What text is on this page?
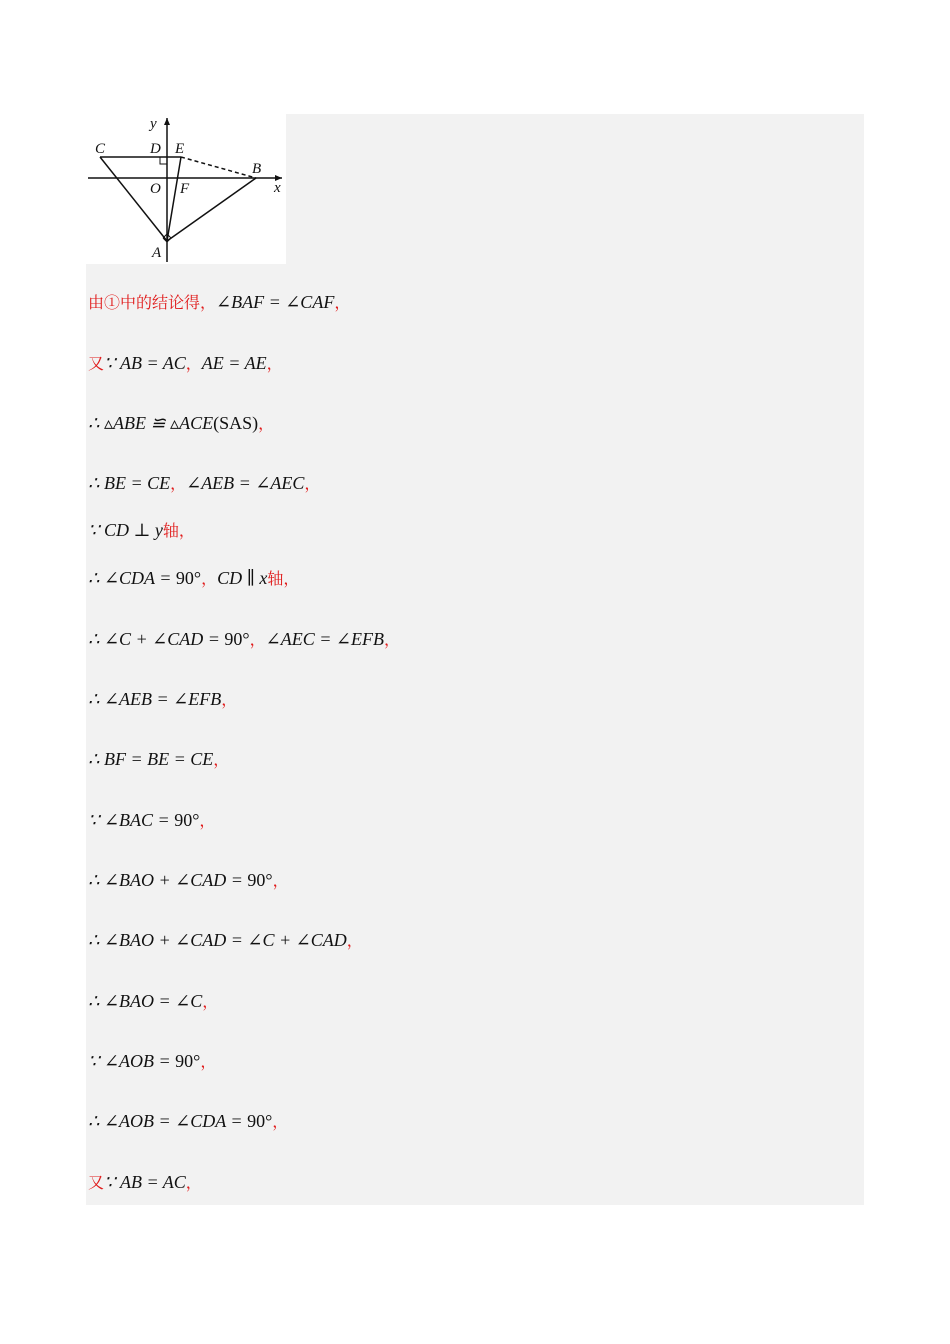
y
x
C	D E
B
O F
A
由①中的结论得，∠BAF = ∠CAF，
又∵ AB = AC，AE = AE，
∴ ▵ABE ≌ ▵ACE(SAS)，
∴ BE = CE，∠AEB = ∠AEC，
∵ CD ⊥ y轴，
∴ ∠CDA = 90°，CD ∥ x轴，
∴ ∠C + ∠CAD = 90°，∠AEC = ∠EFB，
∴ ∠AEB = ∠EFB，
∴ BF = BE = CE，
∵ ∠BAC = 90°，
∴ ∠BAO + ∠CAD = 90°，
∴ ∠BAO + ∠CAD = ∠C + ∠CAD，
∴ ∠BAO = ∠C，
∵ ∠AOB = 90°，
∴ ∠AOB = ∠CDA = 90°，
又∵ AB = AC，
